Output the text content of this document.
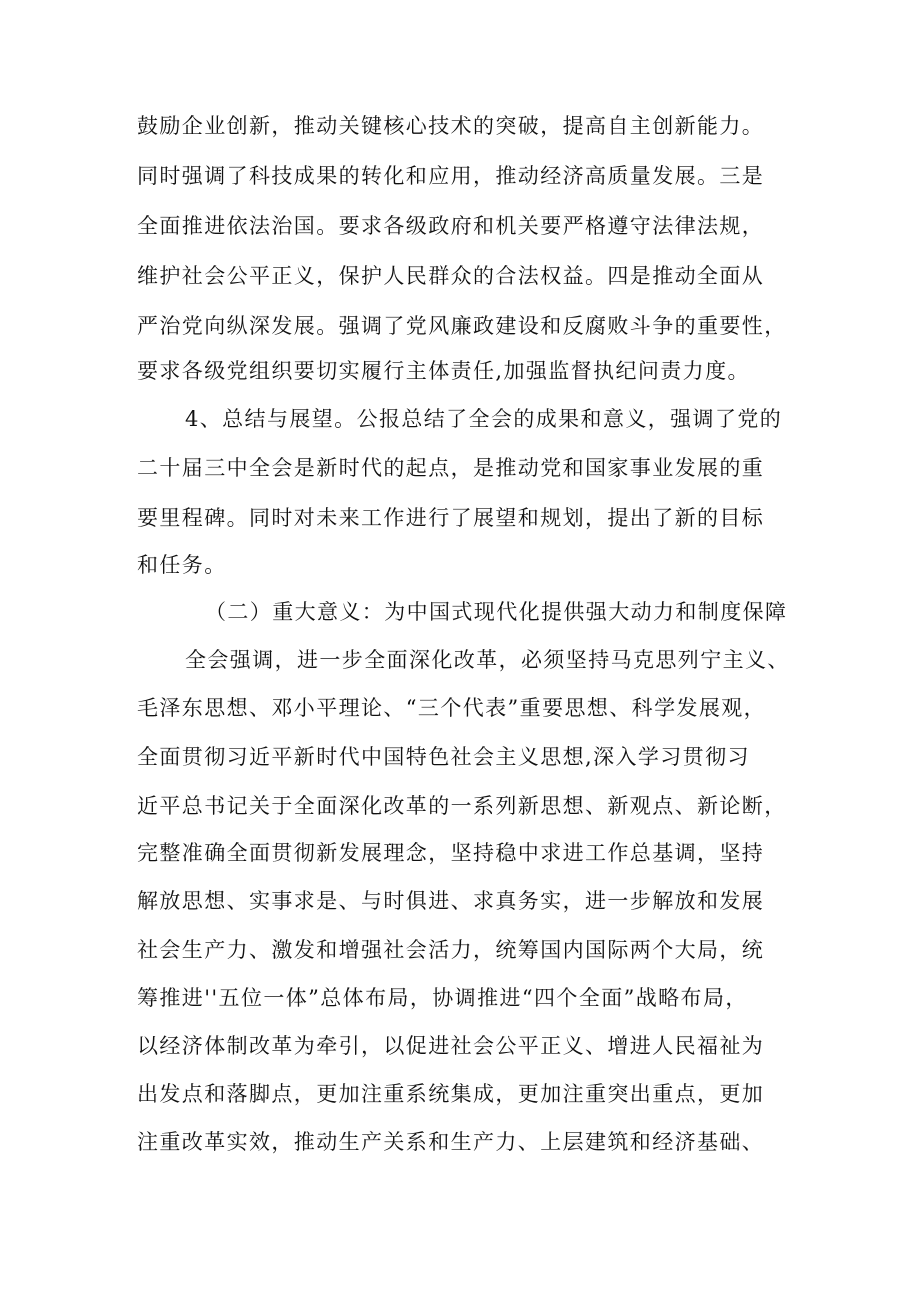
鼓励企业创新，推动关键核心技术的突破，提高自主创新能力。
同时强调了科技成果的转化和应用，推动经济高质量发展。三是
全面推进依法治国。要求各级政府和机关要严格遵守法律法规，
维护社会公平正义，保护人民群众的合法权益。四是推动全面从
严治党向纵深发展。强调了党风廉政建设和反腐败斗争的重要性，
要求各级党组织要切实履行主体责任,加强监督执纪问责力度。
4、总结与展望。公报总结了全会的成果和意义，强调了党的
二十届三中全会是新时代的起点，是推动党和国家事业发展的重
要里程碑。同时对未来工作进行了展望和规划，提出了新的目标
和任务。
（二）重大意义：为中国式现代化提供强大动力和制度保障
全会强调，进一步全面深化改革，必须坚持马克思列宁主义、
毛泽东思想、邓小平理论、“三个代表”重要思想、科学发展观，
全面贯彻习近平新时代中国特色社会主义思想,深入学习贯彻习
近平总书记关于全面深化改革的一系列新思想、新观点、新论断，
完整准确全面贯彻新发展理念，坚持稳中求进工作总基调，坚持
解放思想、实事求是、与时俱进、求真务实，进一步解放和发展
社会生产力、激发和增强社会活力，统筹国内国际两个大局，统
筹推进''五位一体”总体布局，协调推进“四个全面”战略布局，
以经济体制改革为牵引，以促进社会公平正义、增进人民福祉为
出发点和落脚点，更加注重系统集成，更加注重突出重点，更加
注重改革实效，推动生产关系和生产力、上层建筑和经济基础、
